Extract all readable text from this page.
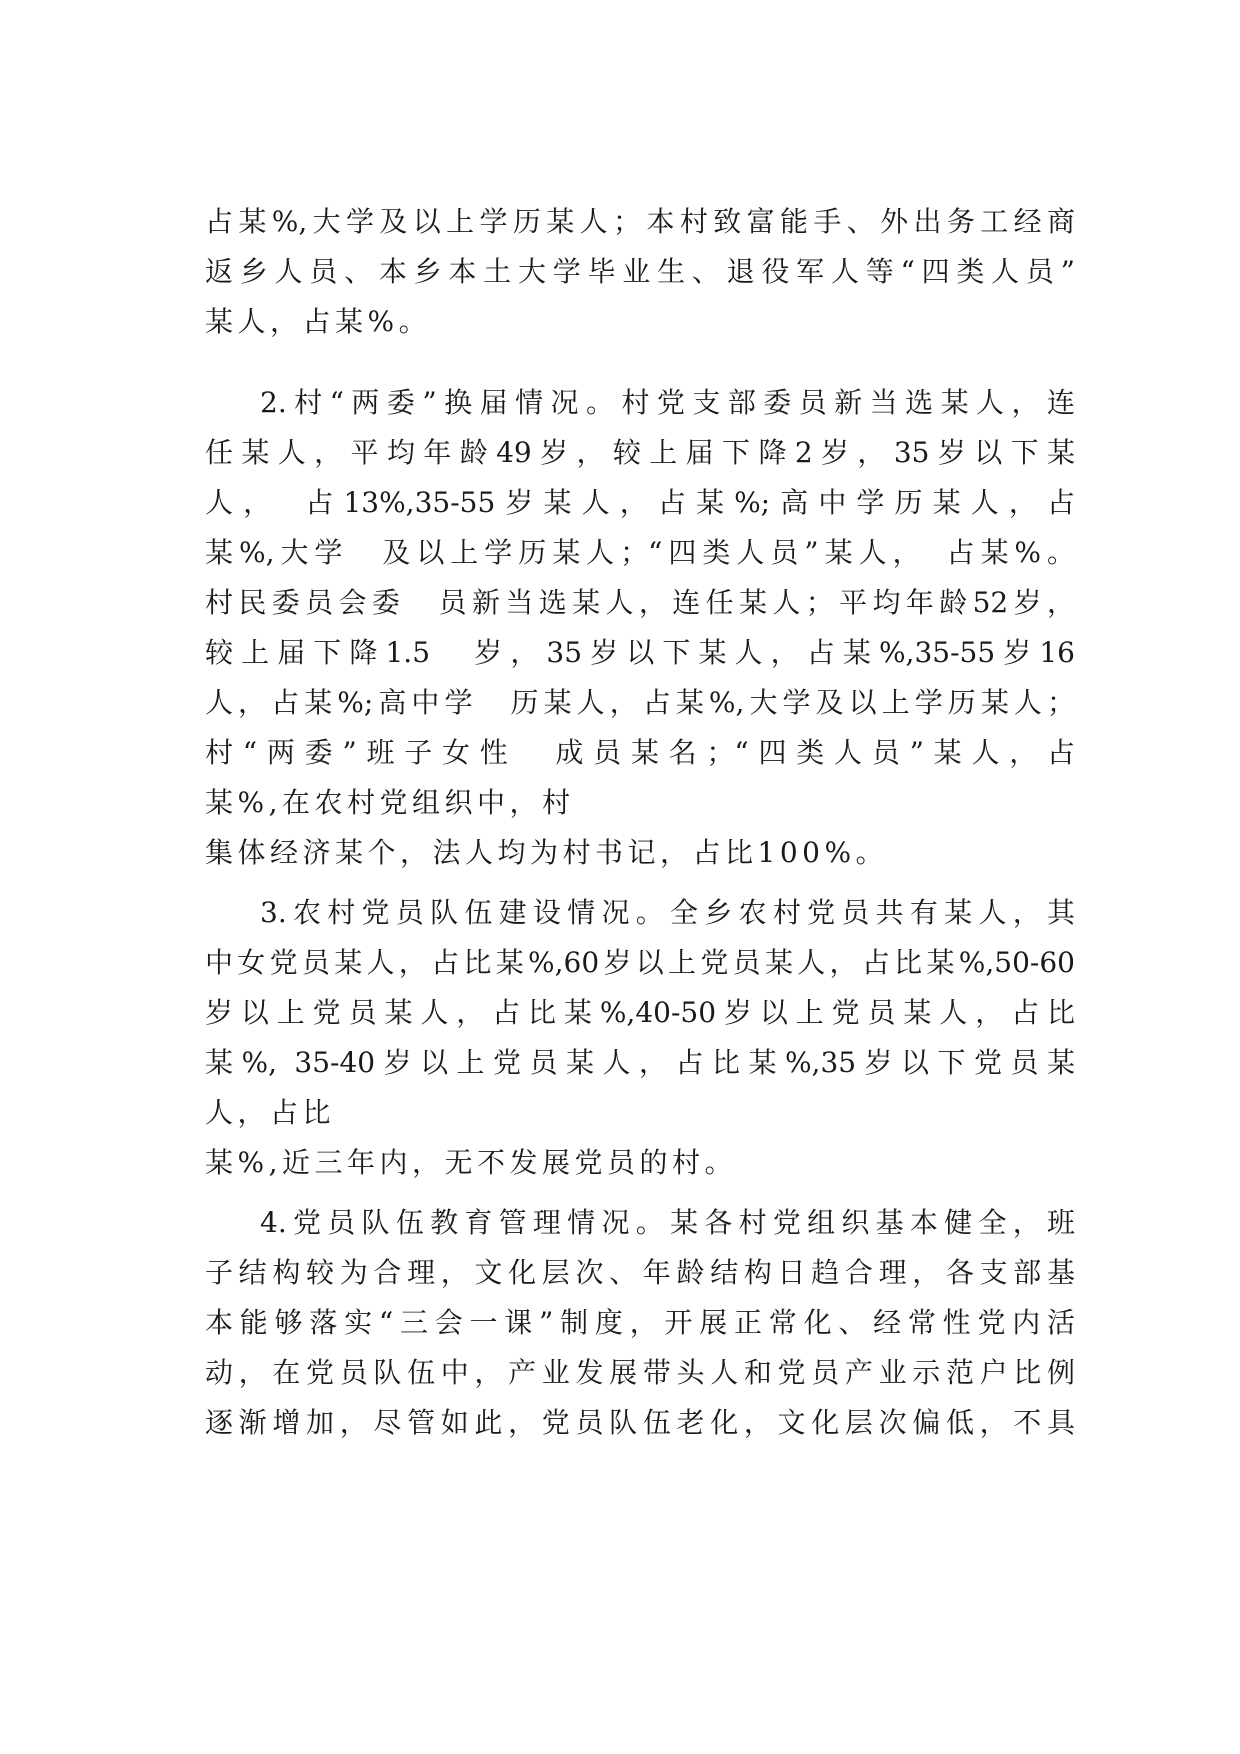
占某%,大学及以上学历某人；本村致富能手、外出务工经商
返乡人员、本乡本土大学毕业生、退役军人等“四类人员”
某人，占某%。
2.村“两委”换届情况。村党支部委员新当选某人，连
任某人，平均年龄49岁，较上届下降2岁，35岁以下某
人，　占13%,35-55岁某人，占某%;高中学历某人，占
某%,大学　及以上学历某人；“四类人员”某人，　占某%。
村民委员会委　员新当选某人，连任某人；平均年龄52岁，
较上届下降1.5　岁，35岁以下某人，占某%,35-55岁16
人，占某%;高中学　历某人，占某%,大学及以上学历某人；
村“两委”班子女性　成员某名；“四类人员”某人，占
某%,在农村党组织中，村
集体经济某个，法人均为村书记，占比100%。
3.农村党员队伍建设情况。全乡农村党员共有某人，其
中女党员某人，占比某%,60岁以上党员某人，占比某%,50-60
岁以上党员某人，占比某%,40-50岁以上党员某人，占比
某%, 35-40岁以上党员某人，占比某%,35岁以下党员某
人，占比
某%,近三年内，无不发展党员的村。
4.党员队伍教育管理情况。某各村党组织基本健全，班
子结构较为合理，文化层次、年龄结构日趋合理，各支部基
本能够落实“三会一课”制度，开展正常化、经常性党内活
动，在党员队伍中，产业发展带头人和党员产业示范户比例
逐渐增加，尽管如此，党员队伍老化，文化层次偏低，不具
